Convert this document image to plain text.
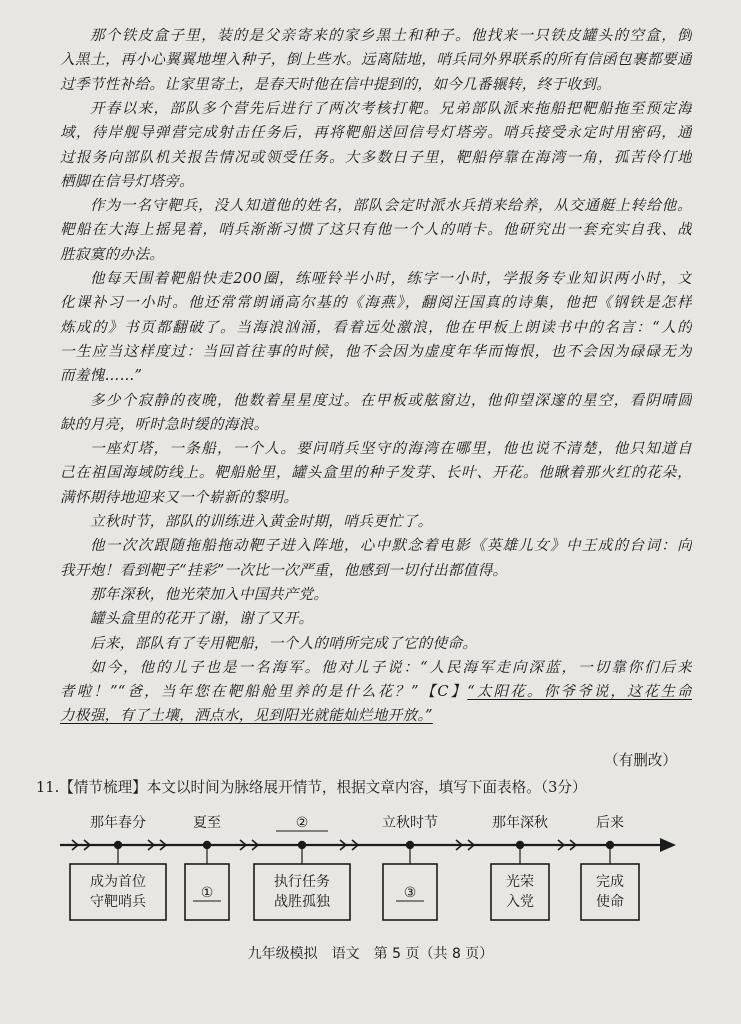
那个铁皮盒子里，装的是父亲寄来的家乡黑土和种子。他找来一只铁皮罐头的空盒，倒
入黑土，再小心翼翼地埋入种子，倒上些水。远离陆地，哨兵同外界联系的所有信函包裹都要通
过季节性补给。让家里寄土，是春天时他在信中提到的，如今几番辗转，终于收到。
开春以来，部队多个营先后进行了两次考核打靶。兄弟部队派来拖船把靶船拖至预定海
域，待岸舰导弹营完成射击任务后，再将靶船送回信号灯塔旁。哨兵接受永定时用密码，通
过报务向部队机关报告情况或领受任务。大多数日子里，靶船停靠在海湾一角，孤苦伶仃地
栖脚在信号灯塔旁。
作为一名守靶兵，没人知道他的姓名，部队会定时派水兵捎来给养，从交通艇上转给他。
靶船在大海上摇晃着，哨兵渐渐习惯了这只有他一个人的哨卡。他研究出一套充实自我、战
胜寂寞的办法。
他每天围着靶船快走200圈，练哑铃半小时，练字一小时，学报务专业知识两小时，文
化课补习一小时。他还常常朗诵高尔基的《海燕》，翻阅汪国真的诗集，他把《钢铁是怎样
炼成的》书页都翻破了。当海浪汹涌，看着远处激浪，他在甲板上朗读书中的名言：“人的
一生应当这样度过：当回首往事的时候，他不会因为虚度年华而悔恨，也不会因为碌碌无为
而羞愧……”
多少个寂静的夜晚，他数着星星度过。在甲板或舷窗边，他仰望深邃的星空，看阴晴圆
缺的月亮，听时急时缓的海浪。
一座灯塔，一条船，一个人。要问哨兵坚守的海湾在哪里，他也说不清楚，他只知道自
己在祖国海域防线上。靶船舱里，罐头盒里的种子发芽、长叶、开花。他瞅着那火红的花朵，
满怀期待地迎来又一个崭新的黎明。
立秋时节，部队的训练进入黄金时期，哨兵更忙了。
他一次次跟随拖船拖动靶子进入阵地，心中默念着电影《英雄儿女》中王成的台词：向
我开炮！看到靶子“挂彩”一次比一次严重，他感到一切付出都值得。
那年深秋，他光荣加入中国共产党。
罐头盒里的花开了谢，谢了又开。
后来，部队有了专用靶船，一个人的哨所完成了它的使命。
如今，他的儿子也是一名海军。他对儿子说：“人民海军走向深蓝，一切靠你们后来
者啦！”“爸，当年您在靶船舱里养的是什么花？”【C】“太阳花。你爷爷说，这花生命
力极强，有了土壤，洒点水，见到阳光就能灿烂地开放。”
（有删改）
11.【情节梳理】本文以时间为脉络展开情节，根据文章内容，填写下面表格。（3分）
那年春分
成为首位
守靶哨兵
夏至
①
②
执行任务
战胜孤独
立秋时节
③
那年深秋
光荣
入党
后来
完成
使命
九年级模拟　语文　第 5 页（共 8 页）
